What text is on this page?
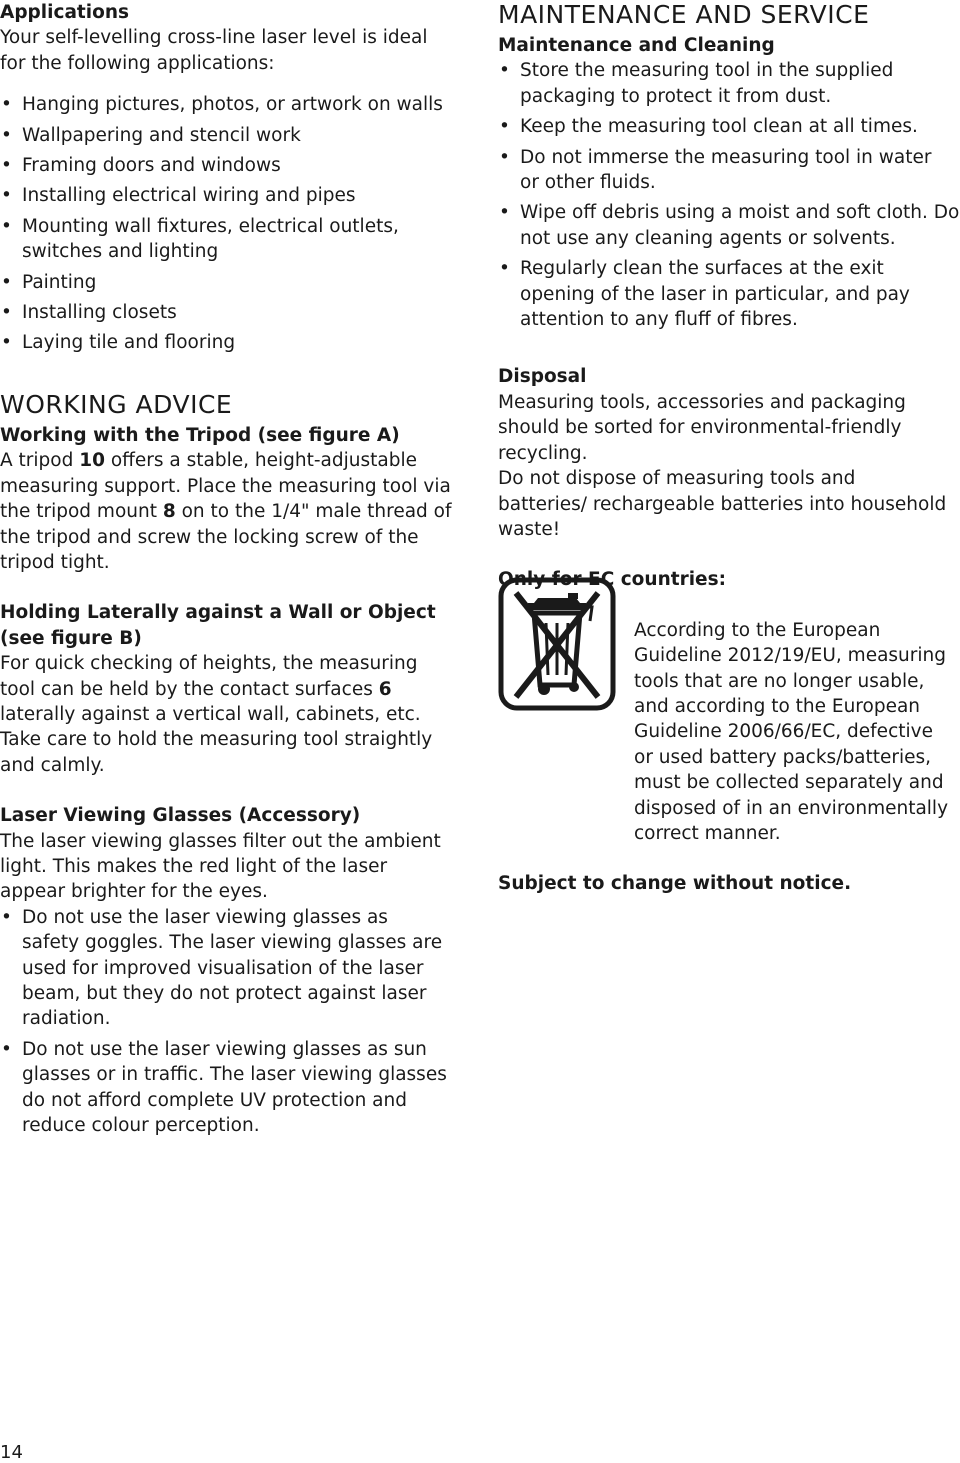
Applications
Your self-levelling cross-line laser level is ideal for the following applications:
• Hanging pictures, photos, or artwork on walls
• Wallpapering and stencil work
• Framing doors and windows
• Installing electrical wiring and pipes
• Mounting wall fixtures, electrical outlets, switches and lighting
• Painting
• Installing closets
• Laying tile and flooring
WORKING ADVICE
Working with the Tripod (see figure A)
A tripod 10 offers a stable, height-adjustable measuring support. Place the measuring tool via the tripod mount 8 on to the 1/4" male thread of the tripod and screw the locking screw of the tripod tight.
Holding Laterally against a Wall or Object (see figure B)
For quick checking of heights, the measuring tool can be held by the contact surfaces 6 laterally against a vertical wall, cabinets, etc. Take care to hold the measuring tool straightly and calmly.
Laser Viewing Glasses (Accessory)
The laser viewing glasses filter out the ambient light. This makes the red light of the laser appear brighter for the eyes.
• Do not use the laser viewing glasses as safety goggles. The laser viewing glasses are used for improved visualisation of the laser beam, but they do not protect against laser radiation.
• Do not use the laser viewing glasses as sun glasses or in traffic. The laser viewing glasses do not afford complete UV protection and reduce colour perception.
MAINTENANCE AND SERVICE
Maintenance and Cleaning
• Store the measuring tool in the supplied packaging to protect it from dust.
• Keep the measuring tool clean at all times.
• Do not immerse the measuring tool in water or other fluids.
• Wipe off debris using a moist and soft cloth. Do not use any cleaning agents or solvents.
• Regularly clean the surfaces at the exit opening of the laser in particular, and pay attention to any fluff of fibres.
Disposal
Measuring tools, accessories and packaging should be sorted for environmental-friendly recycling.
Do not dispose of measuring tools and batteries/ rechargeable batteries into household waste!
Only for EC countries:
According to the European Guideline 2012/19/EU, measuring tools that are no longer usable, and according to the European Guideline 2006/66/EC, defective or used battery packs/batteries, must be collected separately and disposed of in an environmentally correct manner.
Subject to change without notice.
14
